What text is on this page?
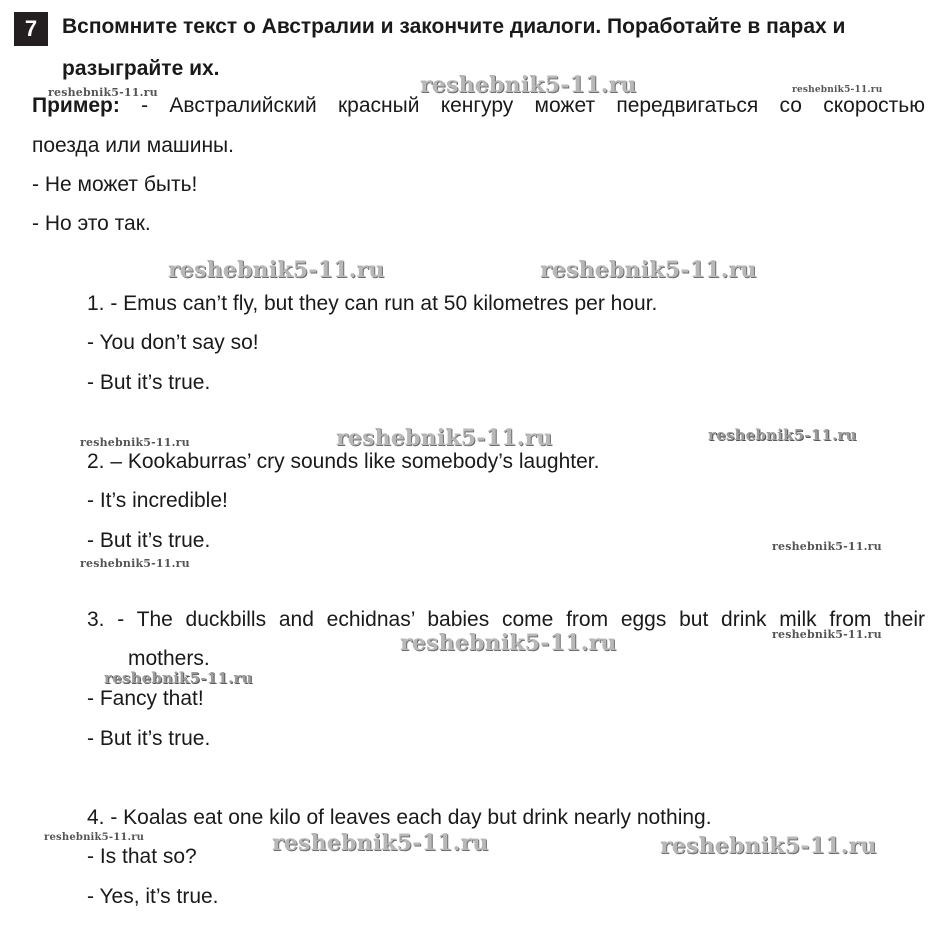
7	Вспомните текст о Австралии и закончите диалоги. Поработайте в парах и
разыграйте их.
Пример: - Австралийский красный кенгуру может передвигаться со скоростью
поезда или машины.
- Не может быть!
- Но это так.
1. - Emus can’t fly, but they can run at 50 kilometres per hour.
- You don’t say so!
- But it’s true.
2. – Kookaburras’ cry sounds like somebody’s laughter.
- It’s incredible!
- But it’s true.
3. - The duckbills and echidnas’ babies come from eggs but drink milk from their
mothers.
- Fancy that!
- But it’s true.
4. - Koalas eat one kilo of leaves each day but drink nearly nothing.
- Is that so?
- Yes, it’s true.
reshebnik5-11.ru
reshebnik5-11.ru	reshebnik5-11.ru
reshebnik5-11.ru	reshebnik5-11.ru
reshebnik5-11.ru	reshebnik5-11.ru	reshebnik5-11.ru
reshebnik5-11.ru
reshebnik5-11.ru
reshebnik5-11.ru	reshebnik5-11.ru
reshebnik5-11.ru
reshebnik5-11.ru	reshebnik5-11.ru	reshebnik5-11.ru
